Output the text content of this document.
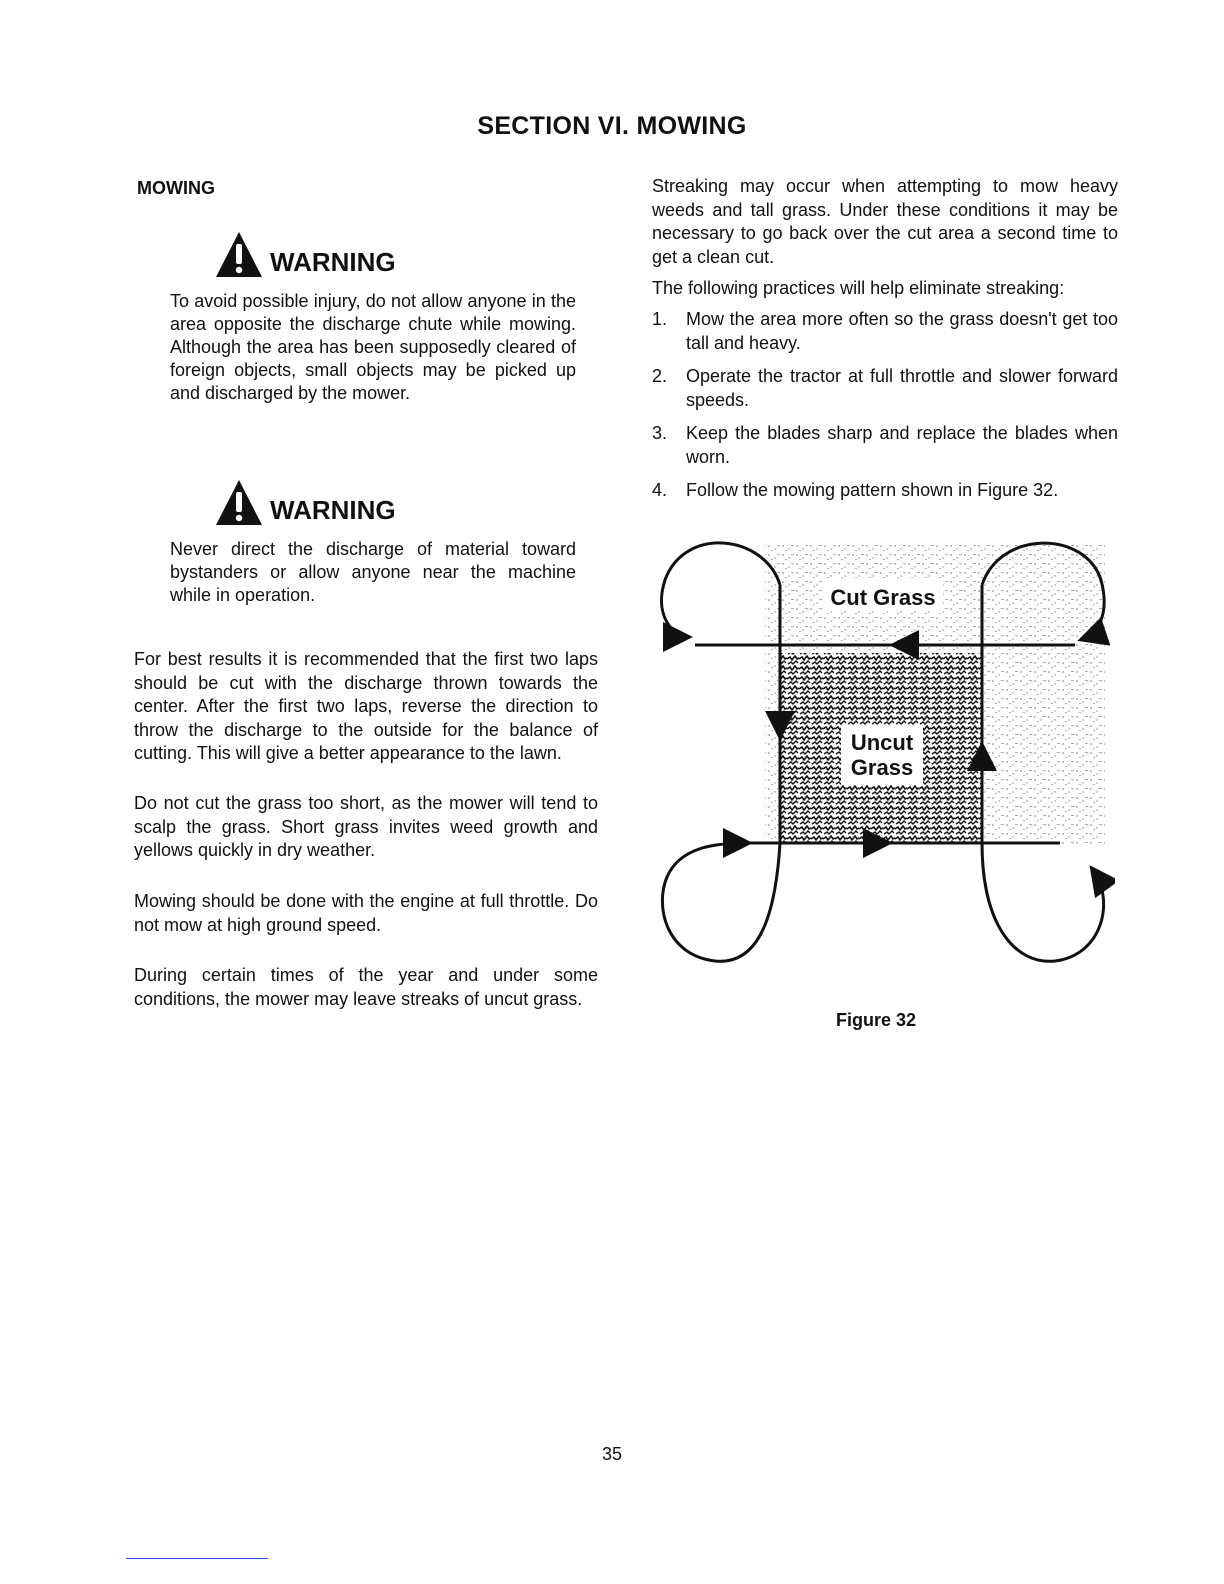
SECTION VI. MOWING
MOWING
WARNING

To avoid possible injury, do not allow anyone in the area opposite the discharge chute while mowing. Although the area has been supposedly cleared of foreign objects, small objects may be picked up and discharged by the mower.

WARNING

Never direct the discharge of material toward bystanders or allow anyone near the machine while in operation.

For best results it is recommended that the first two laps should be cut with the discharge thrown towards the center. After the first two laps, reverse the direction to throw the discharge to the outside for the balance of cutting. This will give a better appearance to the lawn.

Do not cut the grass too short, as the mower will tend to scalp the grass. Short grass invites weed growth and yellows quickly in dry weather.

Mowing should be done with the engine at full throttle. Do not mow at high ground speed.

During certain times of the year and under some conditions, the mower may leave streaks of uncut grass.

Streaking may occur when attempting to mow heavy weeds and tall grass. Under these conditions it may be necessary to go back over the cut area a second time to get a clean cut.

The following practices will help eliminate streaking:

1.	Mow the area more often so the grass doesn't get too tall and heavy.
2.	Operate the tractor at full throttle and slower forward speeds.
3.	Keep the blades sharp and replace the blades when worn.
4.	Follow the mowing pattern shown in Figure 32.
Cut Grass
Uncut
Grass

Figure 32

35
